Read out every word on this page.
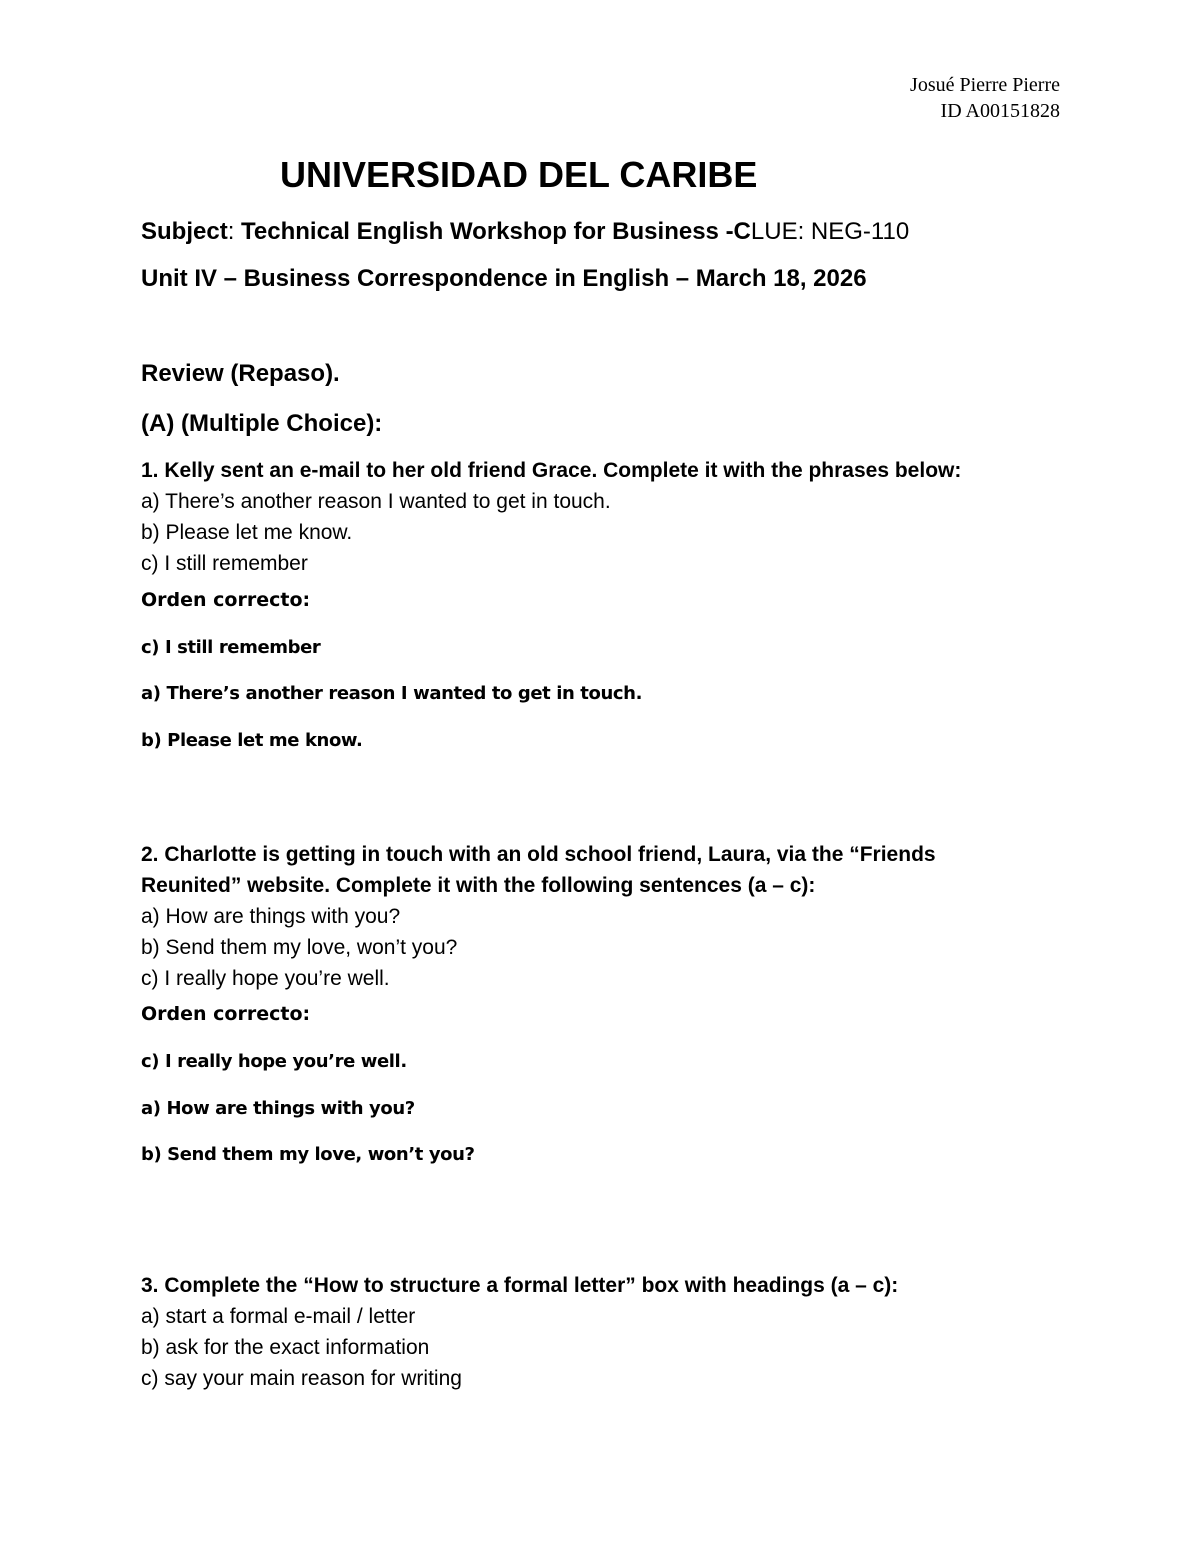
Josué Pierre Pierre
ID A00151828
UNIVERSIDAD DEL CARIBE
Subject: Technical English Workshop for Business -CLUE: NEG-110
Unit IV – Business Correspondence in English – March 18, 2026
Review (Repaso).
(A) (Multiple Choice):
1. Kelly sent an e-mail to her old friend Grace. Complete it with the phrases below:
a) There’s another reason I wanted to get in touch.
b) Please let me know.
c) I still remember
Orden correcto:
c) I still remember
a) There’s another reason I wanted to get in touch.
b) Please let me know.
2. Charlotte is getting in touch with an old school friend, Laura, via the “Friends
Reunited” website. Complete it with the following sentences (a – c):
a) How are things with you?
b) Send them my love, won’t you?
c) I really hope you’re well.
Orden correcto:
c) I really hope you’re well.
a) How are things with you?
b) Send them my love, won’t you?
3. Complete the “How to structure a formal letter” box with headings (a – c):
a) start a formal e-mail / letter
b) ask for the exact information
c) say your main reason for writing
